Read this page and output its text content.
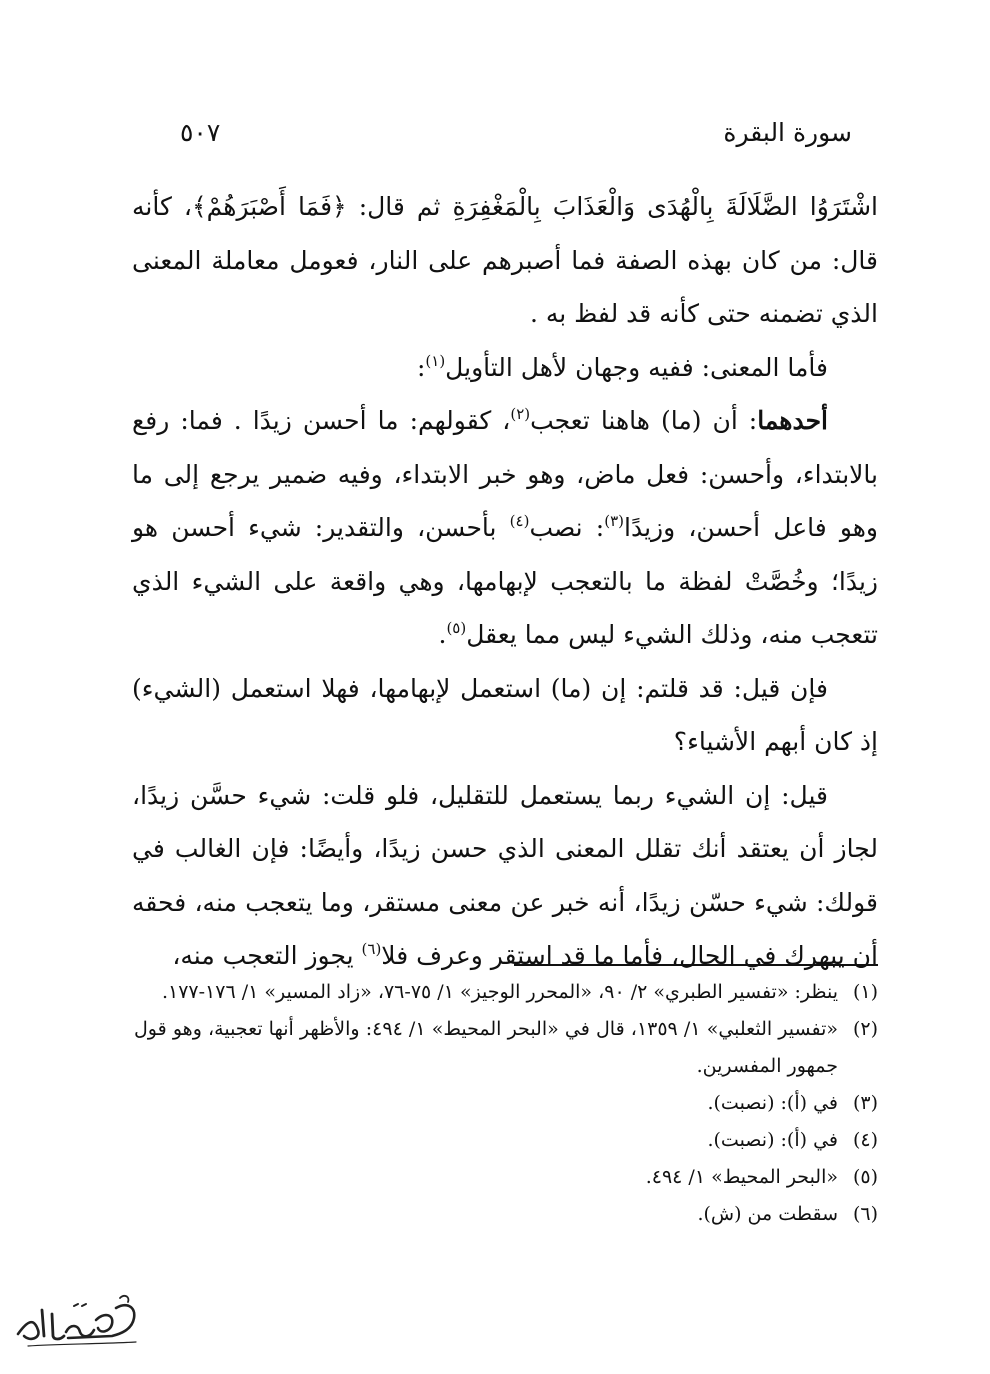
سورة البقرة
٥٠٧

اشْتَرَوُا الضَّلَالَةَ بِالْهُدَى وَالْعَذَابَ بِالْمَغْفِرَةِ ثم قال: ﴿فَمَا أَصْبَرَهُمْ﴾، كأنه قال: من كان بهذه الصفة فما أصبرهم على النار، فعومل معاملة المعنى الذي تضمنه حتى كأنه قد لفظ به .

فأما المعنى: ففيه وجهان لأهل التأويل$^{(١)}$:

أحدهما: أن (ما) هاهنا تعجب$^{(٢)}$، كقولهم: ما أحسن زيدًا . فما: رفع بالابتداء، وأحسن: فعل ماض، وهو خبر الابتداء، وفيه ضمير يرجع إلى ما وهو فاعل أحسن، وزيدًا$^{(٣)}$: نصب$^{(٤)}$ بأحسن، والتقدير: شيء أحسن هو زيدًا؛ وخُصَّتْ لفظة ما بالتعجب لإبهامها، وهي واقعة على الشيء الذي تتعجب منه، وذلك الشيء ليس مما يعقل$^{(٥)}$.

فإن قيل: قد قلتم: إن (ما) استعمل لإبهامها، فهلا استعمل (الشيء) إذ كان أبهم الأشياء؟

قيل: إن الشيء ربما يستعمل للتقليل، فلو قلت: شيء حسَّن زيدًا، لجاز أن يعتقد أنك تقلل المعنى الذي حسن زيدًا، وأيضًا: فإن الغالب في قولك: شيء حسّن زيدًا، أنه خبر عن معنى مستقر، وما يتعجب منه، فحقه أن يبهرك في الحال، فأما ما قد استقر وعرف فلا$^{(٦)}$ يجوز التعجب منه،

(١)
ينظر: «تفسير الطبري» ٢/ ٩٠، «المحرر الوجيز» ١/ ٧٥-٧٦، «زاد المسير» ١/ ١٧٦-١٧٧.
(٢)
«تفسير الثعلبي» ١/ ١٣٥٩، قال في «البحر المحيط» ١/ ٤٩٤: والأظهر أنها تعجبية، وهو قول جمهور المفسرين.
(٣)
في (أ): (نصبت).
(٤)
في (أ): (نصبت).
(٥)
«البحر المحيط» ١/ ٤٩٤.
(٦)
سقطت من (ش).
